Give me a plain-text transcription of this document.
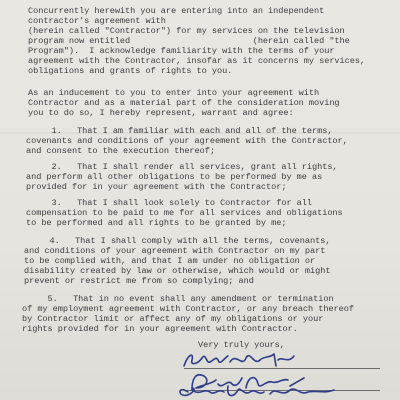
Concurrently herewith you are entering into an independent
contractor's agreement with
(herein called "Contractor") for my services on the television
program now entitled                        (herein called "the
Program").  I acknowledge familiarity with the terms of your
agreement with the Contractor, insofar as it concerns my services,
obligations and grants of rights to you.
As an inducement to you to enter into your agreement with
Contractor and as a material part of the consideration moving
you to do so, I hereby represent, warrant and agree:
1.   That I am familiar with each and all of the terms,
covenants and conditions of your agreement with the Contractor,
and consent to the execution thereof;
2.   That I shall render all services, grant all rights,
and perform all other obligations to be performed by me as
provided for in your agreement with the Contractor;
3.   That I shall look solely to Contractor for all
compensation to be paid to me for all services and obligations
to be performed and all rights to be granted by me;
4.   That I shall comply with all the terms, covenants,
and conditions of your agreement with Contractor on my part
to be complied with, and that I am under no obligation or
disability created by law or otherwise, which would or might
prevent or restrict me from so complying; and
5.   That in no event shall any amendment or termination
of my employment agreement with Contractor, or any breach thereof
by Contractor limit or affect any of my obligations or your
rights provided for in your agreement with Contractor.
Very truly yours,
